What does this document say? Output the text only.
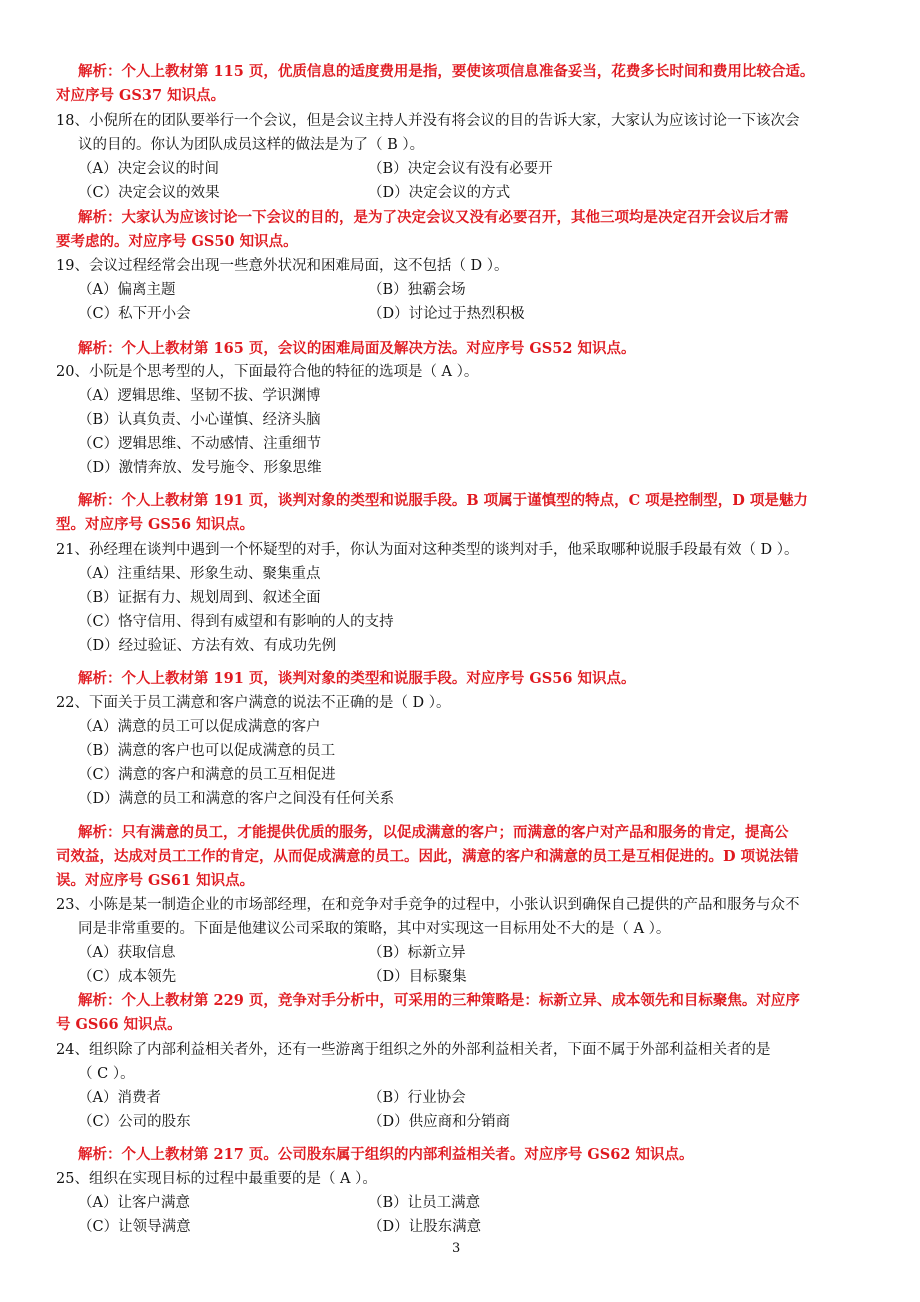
解析：个人上教材第 115 页，优质信息的适度费用是指，要使该项信息准备妥当，花费多长时间和费用比较合适。
对应序号 GS37 知识点。
18、小倪所在的团队要举行一个会议，但是会议主持人并没有将会议的目的告诉大家，大家认为应该讨论一下该次会
议的目的。你认为团队成员这样的做法是为了（ B ）。
（A）决定会议的时间	（B）决定会议有没有必要开
（C）决定会议的效果	（D）决定会议的方式
解析：大家认为应该讨论一下会议的目的，是为了决定会议又没有必要召开，其他三项均是决定召开会议后才需
要考虑的。对应序号 GS50 知识点。
19、会议过程经常会出现一些意外状况和困难局面，这不包括（ D ）。
（A）偏离主题	（B）独霸会场
（C）私下开小会	（D）讨论过于热烈积极
解析：个人上教材第 165 页，会议的困难局面及解决方法。对应序号 GS52 知识点。
20、小阮是个思考型的人，下面最符合他的特征的选项是（ A ）。
（A）逻辑思维、坚韧不拔、学识渊博
（B）认真负责、小心谨慎、经济头脑
（C）逻辑思维、不动感情、注重细节
（D）激情奔放、发号施令、形象思维
解析：个人上教材第 191 页，谈判对象的类型和说服手段。B 项属于谨慎型的特点，C 项是控制型，D 项是魅力
型。对应序号 GS56 知识点。
21、孙经理在谈判中遇到一个怀疑型的对手，你认为面对这种类型的谈判对手，他采取哪种说服手段最有效（ D ）。
（A）注重结果、形象生动、聚集重点
（B）证据有力、规划周到、叙述全面
（C）恪守信用、得到有威望和有影响的人的支持
（D）经过验证、方法有效、有成功先例
解析：个人上教材第 191 页，谈判对象的类型和说服手段。对应序号 GS56 知识点。
22、下面关于员工满意和客户满意的说法不正确的是（ D ）。
（A）满意的员工可以促成满意的客户
（B）满意的客户也可以促成满意的员工
（C）满意的客户和满意的员工互相促进
（D）满意的员工和满意的客户之间没有任何关系
解析：只有满意的员工，才能提供优质的服务，以促成满意的客户；而满意的客户对产品和服务的肯定，提高公
司效益，达成对员工工作的肯定，从而促成满意的员工。因此，满意的客户和满意的员工是互相促进的。D 项说法错
误。对应序号 GS61 知识点。
23、小陈是某一制造企业的市场部经理，在和竞争对手竞争的过程中，小张认识到确保自己提供的产品和服务与众不
同是非常重要的。下面是他建议公司采取的策略，其中对实现这一目标用处不大的是（ A ）。
（A）获取信息	（B）标新立异
（C）成本领先	（D）目标聚集
解析：个人上教材第 229 页，竞争对手分析中，可采用的三种策略是：标新立异、成本领先和目标聚焦。对应序
号 GS66 知识点。
24、组织除了内部利益相关者外，还有一些游离于组织之外的外部利益相关者，下面不属于外部利益相关者的是
（ C ）。
（A）消费者	（B）行业协会
（C）公司的股东	（D）供应商和分销商
解析：个人上教材第 217 页。公司股东属于组织的内部利益相关者。对应序号 GS62 知识点。
25、组织在实现目标的过程中最重要的是（ A ）。
（A）让客户满意	（B）让员工满意
（C）让领导满意	（D）让股东满意
3
